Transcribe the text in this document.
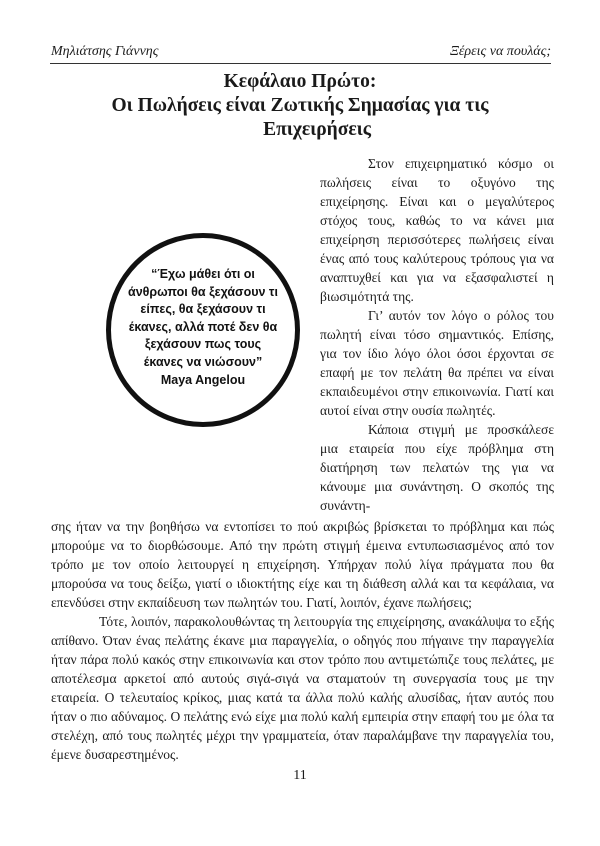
Μηλιάτσης Γιάννης	Ξέρεις να πουλάς;
Κεφάλαιο Πρώτο:
Οι Πωλήσεις είναι Ζωτικής Σημασίας για τις
Επιχειρήσεις
“Έχω μάθει ότι οι άνθρωποι θα ξεχάσουν τι είπες, θα ξεχάσουν τι έκανες, αλλά ποτέ δεν θα ξεχάσουν πως τους έκανες να νιώσουν”
Maya Angelou

Στον επιχειρηματικό κόσμο οι πωλήσεις είναι το οξυγόνο της επιχείρησης. Είναι και ο μεγαλύτερος στόχος τους, καθώς το να κάνει μια επιχείρηση περισσότερες πωλήσεις είναι ένας από τους καλύτερους τρόπους για να αναπτυχθεί και για να εξασφαλιστεί η βιωσιμότητά της.

Γι’ αυτόν τον λόγο ο ρόλος του πωλητή είναι τόσο σημαντικός. Επίσης, για τον ίδιο λόγο όλοι όσοι έρχονται σε επαφή με τον πελάτη θα πρέπει να είναι εκπαιδευμένοι στην επικοινωνία. Γιατί και αυτοί είναι στην ουσία πωλητές.

Κάποια στιγμή με προσκάλεσε μια εταιρεία που είχε πρόβλημα στη διατήρηση των πελατών της για να κάνουμε μια συνάντηση. Ο σκοπός της συνάντη-

σης ήταν να την βοηθήσω να εντοπίσει το πού ακριβώς βρίσκεται το πρόβλημα και πώς μπορούμε να το διορθώσουμε. Από την πρώτη στιγμή έμεινα εντυπωσιασμένος από τον τρόπο με τον οποίο λειτουργεί η επιχείρηση. Υπήρχαν πολύ λίγα πράγματα που θα μπορούσα να τους δείξω, γιατί ο ιδιοκτήτης είχε και τη διάθεση αλλά και τα κεφάλαια, να επενδύσει στην εκπαίδευση των πωλητών του. Γιατί, λοιπόν, έχανε πωλήσεις;

Τότε, λοιπόν, παρακολουθώντας τη λειτουργία της επιχείρησης, ανακάλυψα το εξής απίθανο. Όταν ένας πελάτης έκανε μια παραγγελία, ο οδηγός που πήγαινε την παραγγελία ήταν πάρα πολύ κακός στην επικοινωνία και στον τρόπο που αντιμετώπιζε τους πελάτες, με αποτέλεσμα αρκετοί από αυτούς σιγά-σιγά να σταματούν τη συνεργασία τους με την εταιρεία. Ο τελευταίος κρίκος, μιας κατά τα άλλα πολύ καλής αλυσίδας, ήταν αυτός που ήταν ο πιο αδύναμος. Ο πελάτης ενώ είχε μια πολύ καλή εμπειρία στην επαφή του με όλα τα στελέχη, από τους πωλητές μέχρι την γραμματεία, όταν παραλάμβανε την παραγγελία του, έμενε δυσαρεστημένος.

11
